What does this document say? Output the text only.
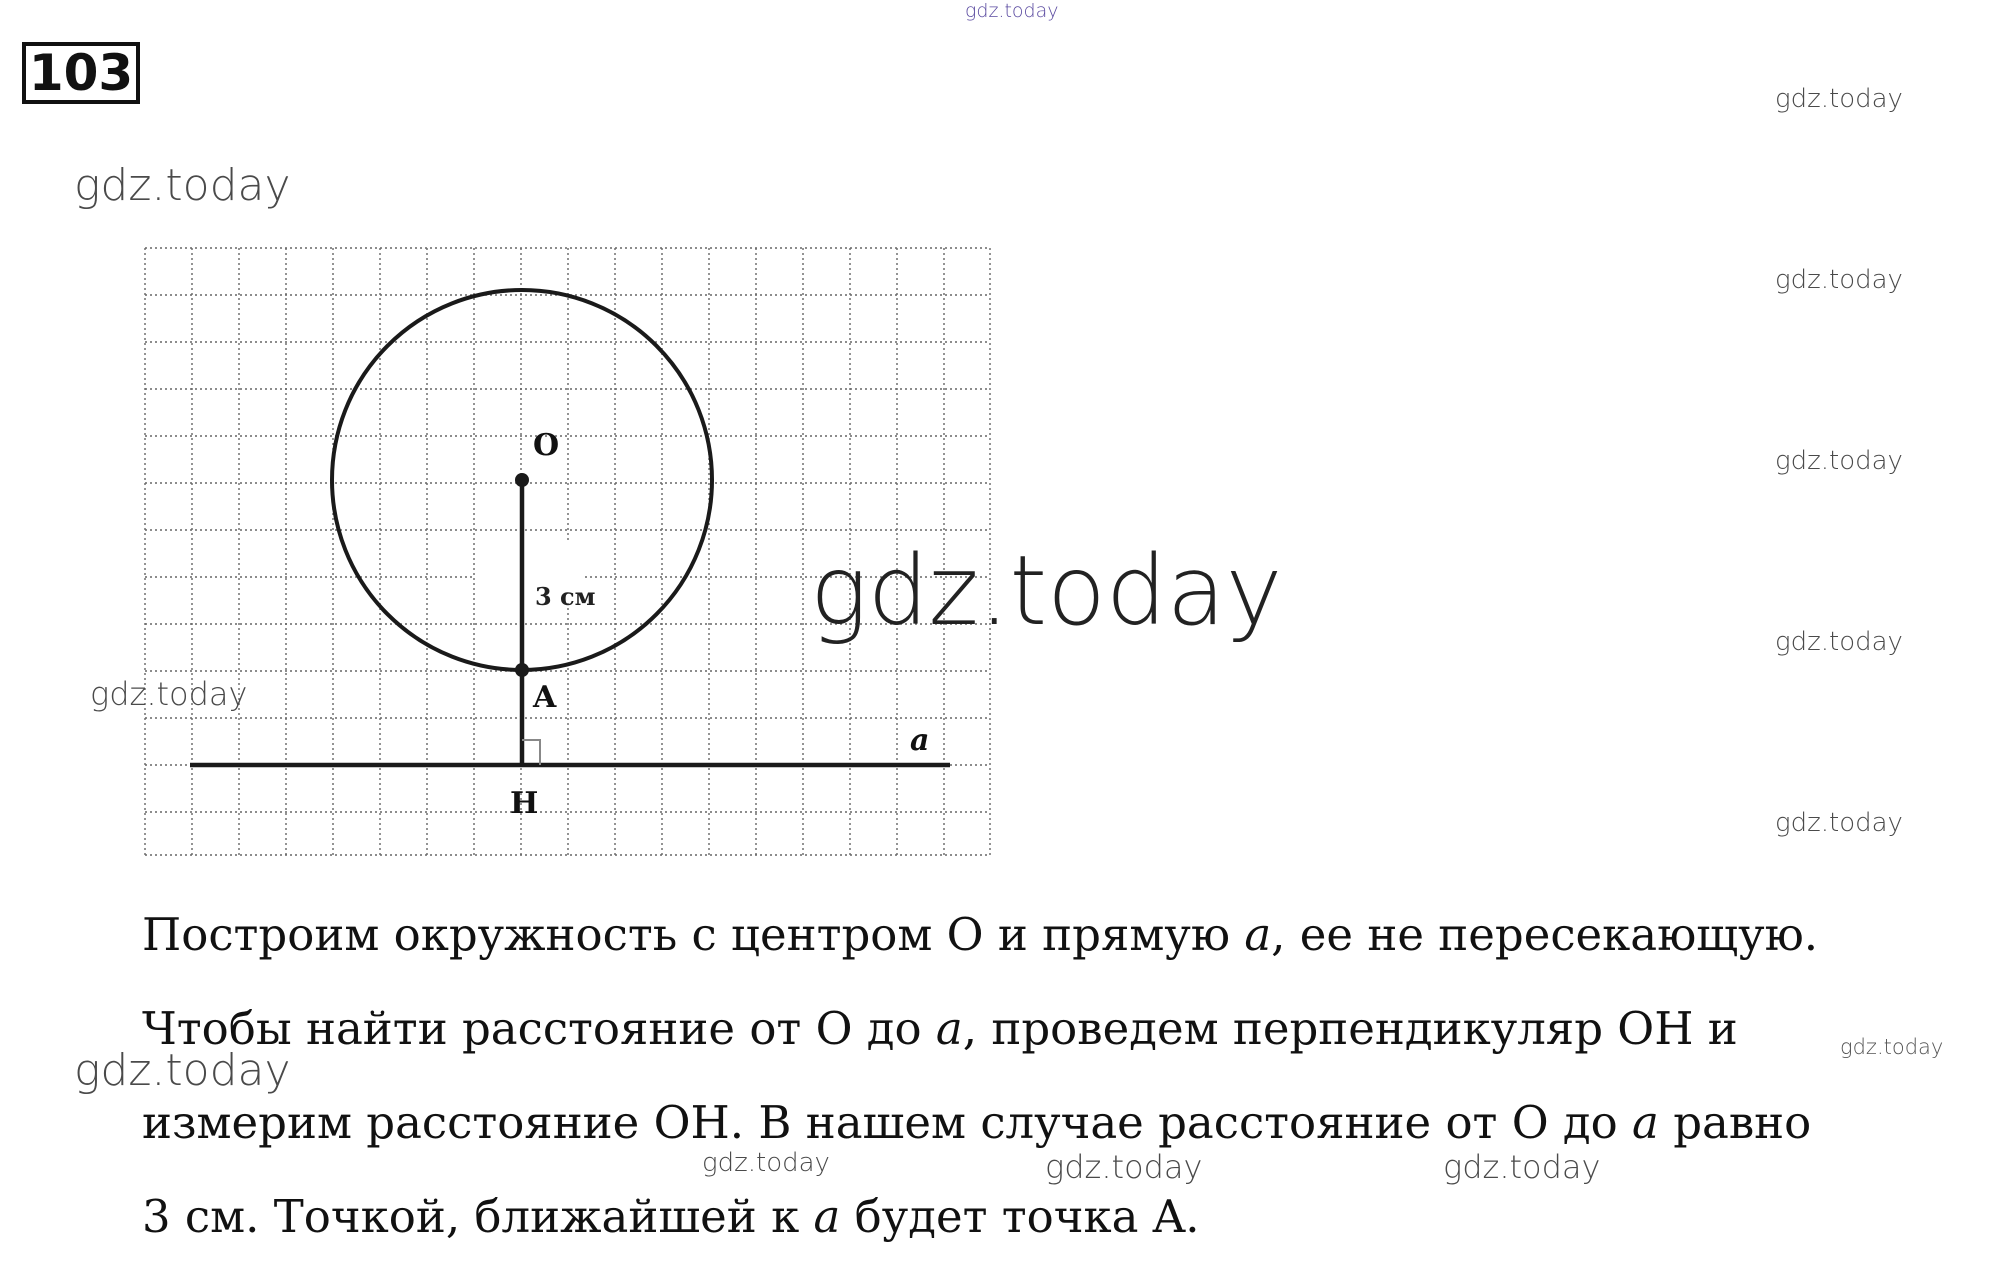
103
gdz.today
gdz.today
gdz.today
gdz.today
gdz.today
gdz.today
gdz.today
O
A
H
a
3 см gdz.today
gdz.today

Построим окружность с центром O и прямую a, ее не пересекающую.

Чтобы найти расстояние от O до a, проведем перпендикуляр OH и

измерим расстояние OH. В нашем случае расстояние от O до a равно

3 см. Точкой, ближайшей к a будет точка A.

gdz.today	gdz.today
gdz.today	gdz.today	gdz.today
